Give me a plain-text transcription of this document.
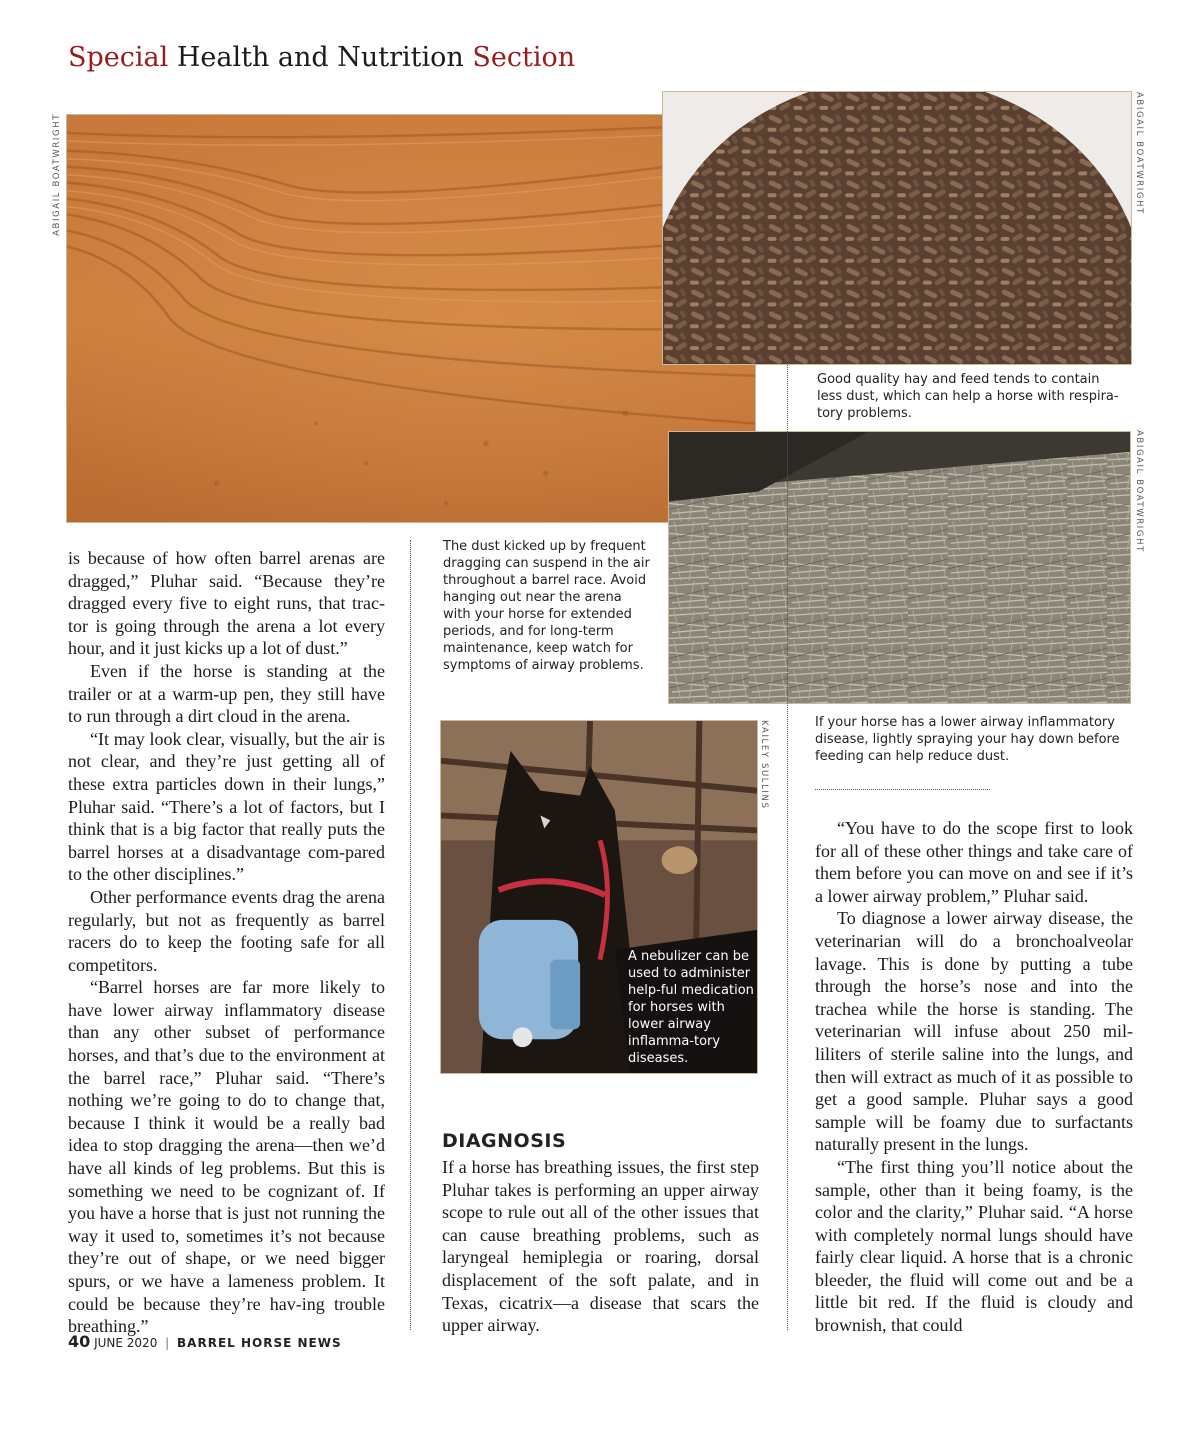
Special Health and Nutrition Section
ABIGAIL BOATWRIGHT	ABIGAIL BOATWRIGHT
Good quality hay and feed tends to contain less dust, which can help a horse with respira-tory problems.
ABIGAIL BOATWRIGHT
If your horse has a lower airway inflammatory disease, lightly spraying your hay down before feeding can help reduce dust.
The dust kicked up by frequent dragging can suspend in the air throughout a barrel race. Avoid hanging out near the arena with your horse for extended periods, and for long-term maintenance, keep watch for symptoms of airway problems.
KAILEY SULLINS
A nebulizer can be used to administer help-ful medication for horses with lower airway inflamma-tory diseases.

is because of how often barrel arenas are dragged,” Pluhar said. “Because they’re dragged every five to eight runs, that trac-tor is going through the arena a lot every hour, and it just kicks up a lot of dust.”

Even if the horse is standing at the trailer or at a warm-up pen, they still have to run through a dirt cloud in the arena.

“It may look clear, visually, but the air is not clear, and they’re just getting all of these extra particles down in their lungs,” Pluhar said. “There’s a lot of factors, but I think that is a big factor that really puts the barrel horses at a disadvantage com-pared to the other disciplines.”

Other performance events drag the arena regularly, but not as frequently as barrel racers do to keep the footing safe for all competitors.

“Barrel horses are far more likely to have lower airway inflammatory disease than any other subset of performance horses, and that’s due to the environment at the barrel race,” Pluhar said. “There’s nothing we’re going to do to change that, because I think it would be a really bad idea to stop dragging the arena—then we’d have all kinds of leg problems. But this is something we need to be cognizant of. If you have a horse that is just not running the way it used to, sometimes it’s not because they’re out of shape, or we need bigger spurs, or we have a lameness problem. It could be because they’re hav-ing trouble breathing.”

DIAGNOSIS

If a horse has breathing issues, the first step Pluhar takes is performing an upper airway scope to rule out all of the other issues that can cause breathing problems, such as laryngeal hemiplegia or roaring, dorsal displacement of the soft palate, and in Texas, cicatrix—a disease that scars the upper airway.

“You have to do the scope first to look for all of these other things and take care of them before you can move on and see if it’s a lower airway problem,” Pluhar said.

To diagnose a lower airway disease, the veterinarian will do a bronchoalveolar lavage. This is done by putting a tube through the horse’s nose and into the trachea while the horse is standing. The veterinarian will infuse about 250 mil-liliters of sterile saline into the lungs, and then will extract as much of it as possible to get a good sample. Pluhar says a good sample will be foamy due to surfactants naturally present in the lungs.

“The first thing you’ll notice about the sample, other than it being foamy, is the color and the clarity,” Pluhar said. “A horse with completely normal lungs should have fairly clear liquid. A horse that is a chronic bleeder, the fluid will come out and be a little bit red. If the fluid is cloudy and brownish, that could

40 JUNE 2020 | BARREL HORSE NEWS
